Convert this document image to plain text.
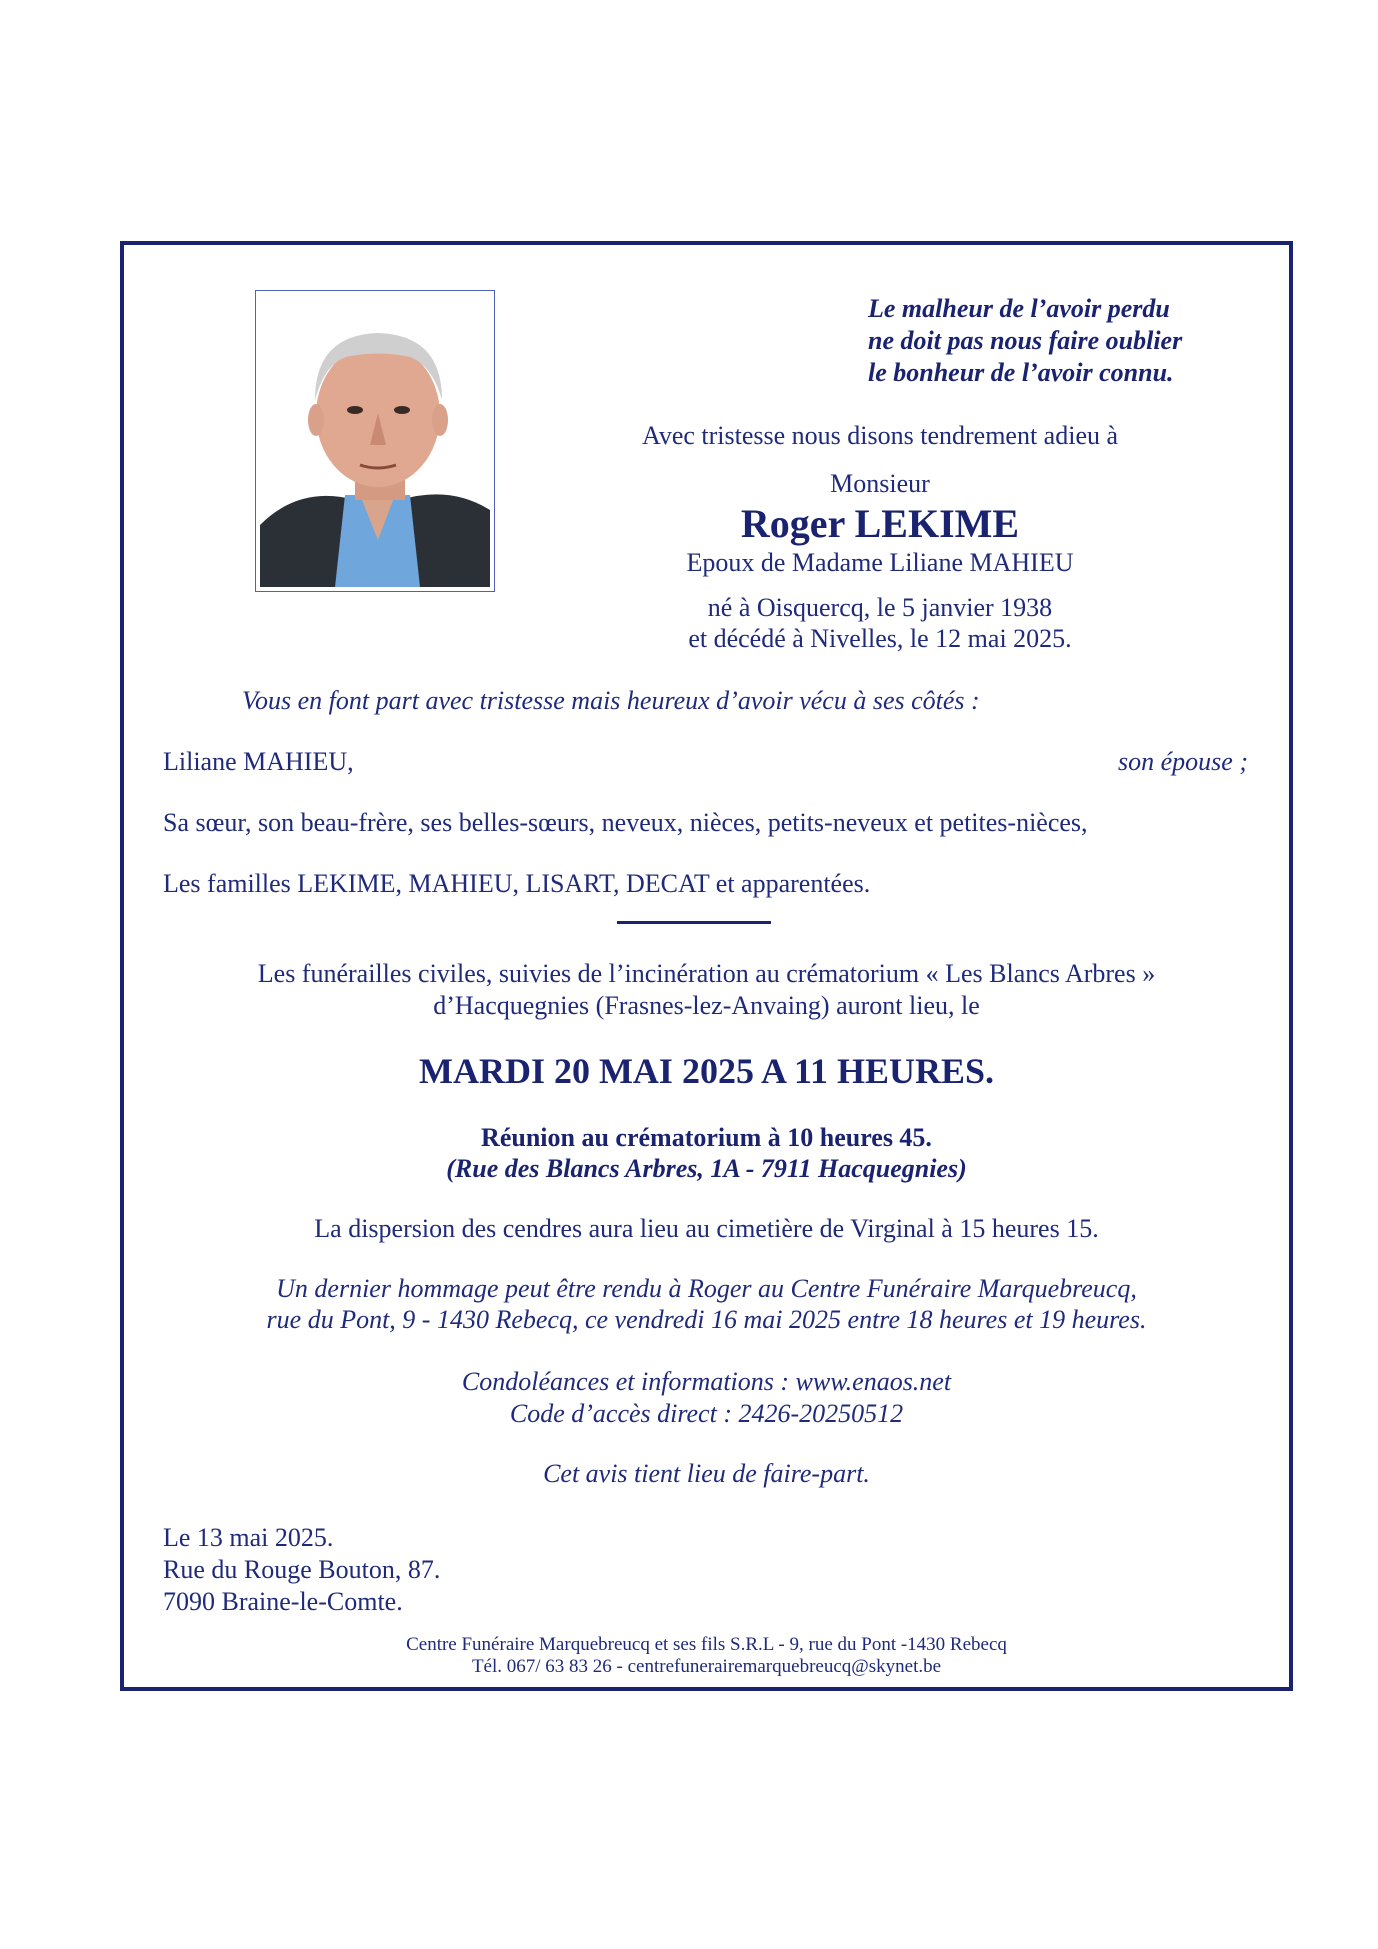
Le malheur de l’avoir perdu
ne doit pas nous faire oublier
le bonheur de l’avoir connu.
Avec tristesse nous disons tendrement adieu à
Monsieur
Roger LEKIME
Epoux de Madame Liliane MAHIEU
né à Oisquercq, le 5 janvier 1938
et décédé à Nivelles, le 12 mai 2025.
Vous en font part avec tristesse mais heureux d’avoir vécu à ses côtés :
Liliane MAHIEU,	son épouse ;
Sa sœur, son beau-frère, ses belles-sœurs, neveux, nièces, petits-neveux et petites-nièces,
Les familles LEKIME, MAHIEU, LISART, DECAT et apparentées.
Les funérailles civiles, suivies de l’incinération au crématorium « Les Blancs Arbres »
d’Hacquegnies (Frasnes-lez-Anvaing) auront lieu, le
MARDI 20 MAI 2025 A 11 HEURES.
Réunion au crématorium à 10 heures 45.
(Rue des Blancs Arbres, 1A - 7911 Hacquegnies)
La dispersion des cendres aura lieu au cimetière de Virginal à 15 heures 15.
Un dernier hommage peut être rendu à Roger au Centre Funéraire Marquebreucq,
rue du Pont, 9 - 1430 Rebecq, ce vendredi 16 mai 2025 entre 18 heures et 19 heures.
Condoléances et informations : www.enaos.net
Code d’accès direct : 2426-20250512
Cet avis tient lieu de faire-part.
Le 13 mai 2025.
Rue du Rouge Bouton, 87.
7090 Braine-le-Comte.
Centre Funéraire Marquebreucq et ses fils S.R.L - 9, rue du Pont -1430 Rebecq
Tél. 067/ 63 83 26 - centrefunerairemarquebreucq@skynet.be
